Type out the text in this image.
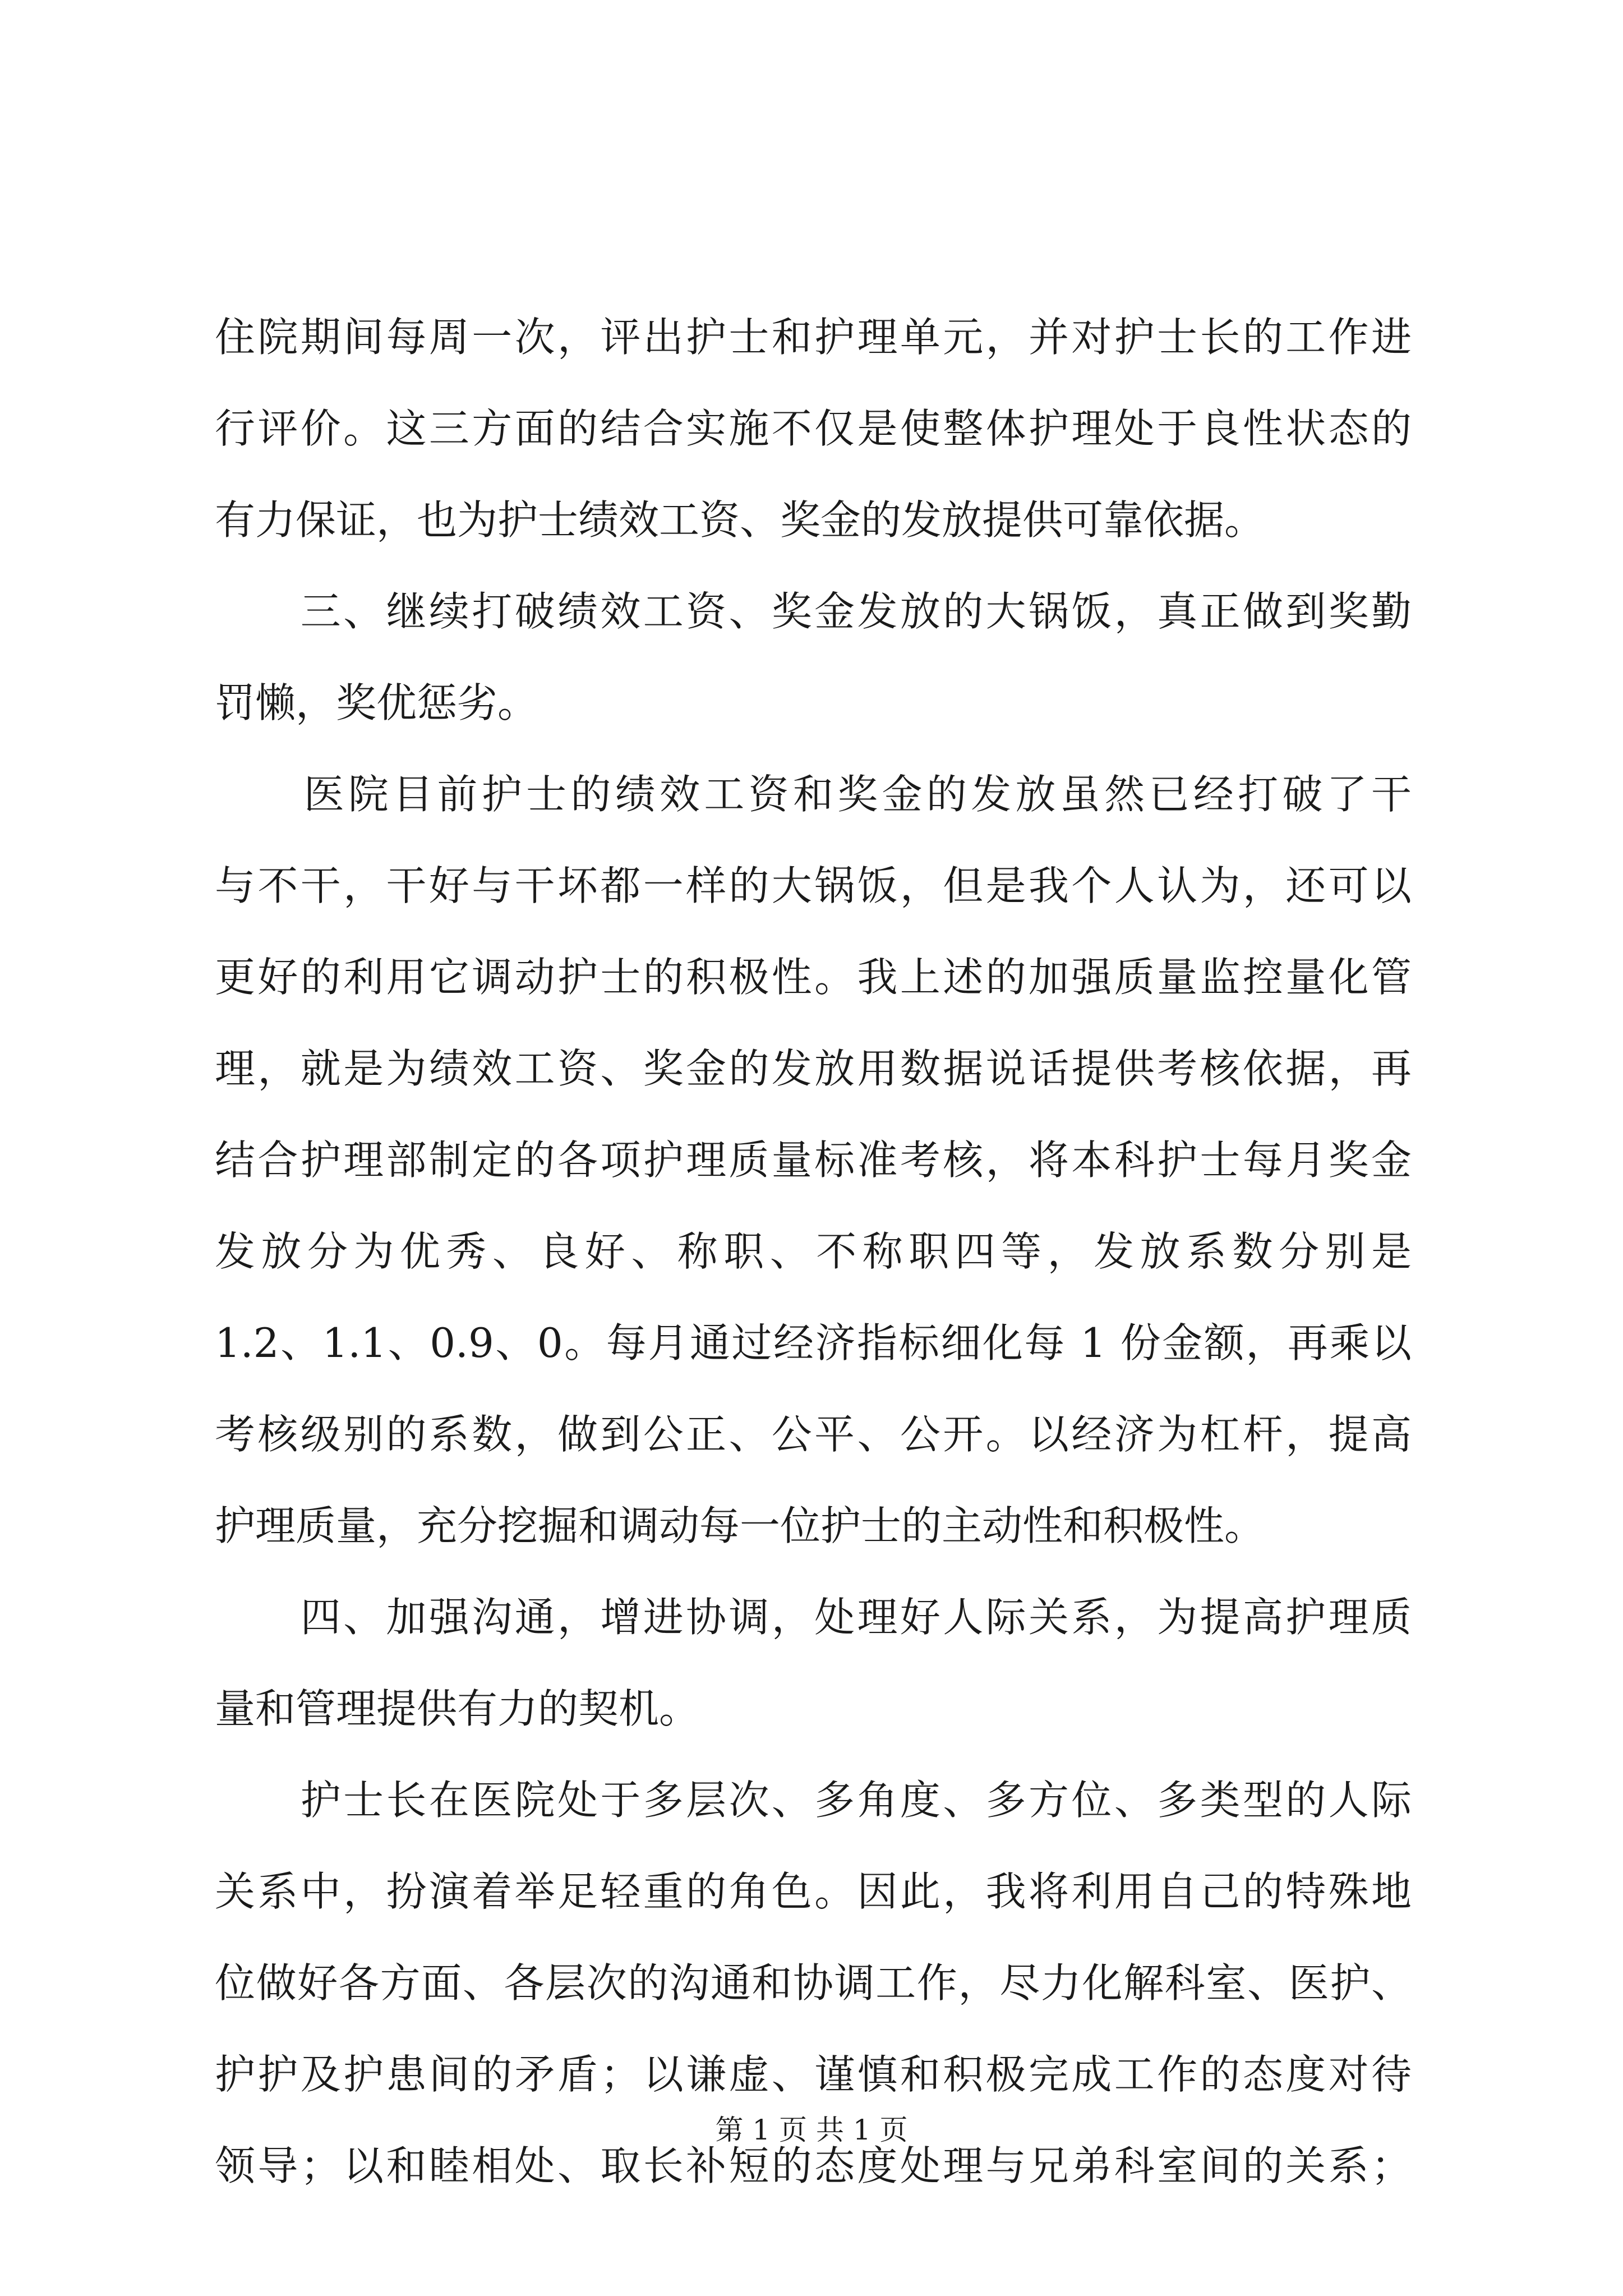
住院期间每周一次，评出护士和护理单元，并对护士长的工作进
行评价。这三方面的结合实施不仅是使整体护理处于良性状态的
有力保证，也为护士绩效工资、奖金的发放提供可靠依据。
　　三、继续打破绩效工资、奖金发放的大锅饭，真正做到奖勤
罚懒，奖优惩劣。
　　医院目前护士的绩效工资和奖金的发放虽然已经打破了干
与不干，干好与干坏都一样的大锅饭，但是我个人认为，还可以
更好的利用它调动护士的积极性。我上述的加强质量监控量化管
理，就是为绩效工资、奖金的发放用数据说话提供考核依据，再
结合护理部制定的各项护理质量标准考核，将本科护士每月奖金
发放分为优秀、良好、称职、不称职四等，发放系数分别是
1.2、1.1、0.9、0。每月通过经济指标细化每 1 份金额，再乘以
考核级别的系数，做到公正、公平、公开。以经济为杠杆，提高
护理质量，充分挖掘和调动每一位护士的主动性和积极性。
　　四、加强沟通，增进协调，处理好人际关系，为提高护理质
量和管理提供有力的契机。
　　护士长在医院处于多层次、多角度、多方位、多类型的人际
关系中，扮演着举足轻重的角色。因此，我将利用自己的特殊地
位做好各方面、各层次的沟通和协调工作，尽力化解科室、医护、
护护及护患间的矛盾；以谦虚、谨慎和积极完成工作的态度对待
领导；以和睦相处、取长补短的态度处理与兄弟科室间的关系；
第 1 页 共 1 页
